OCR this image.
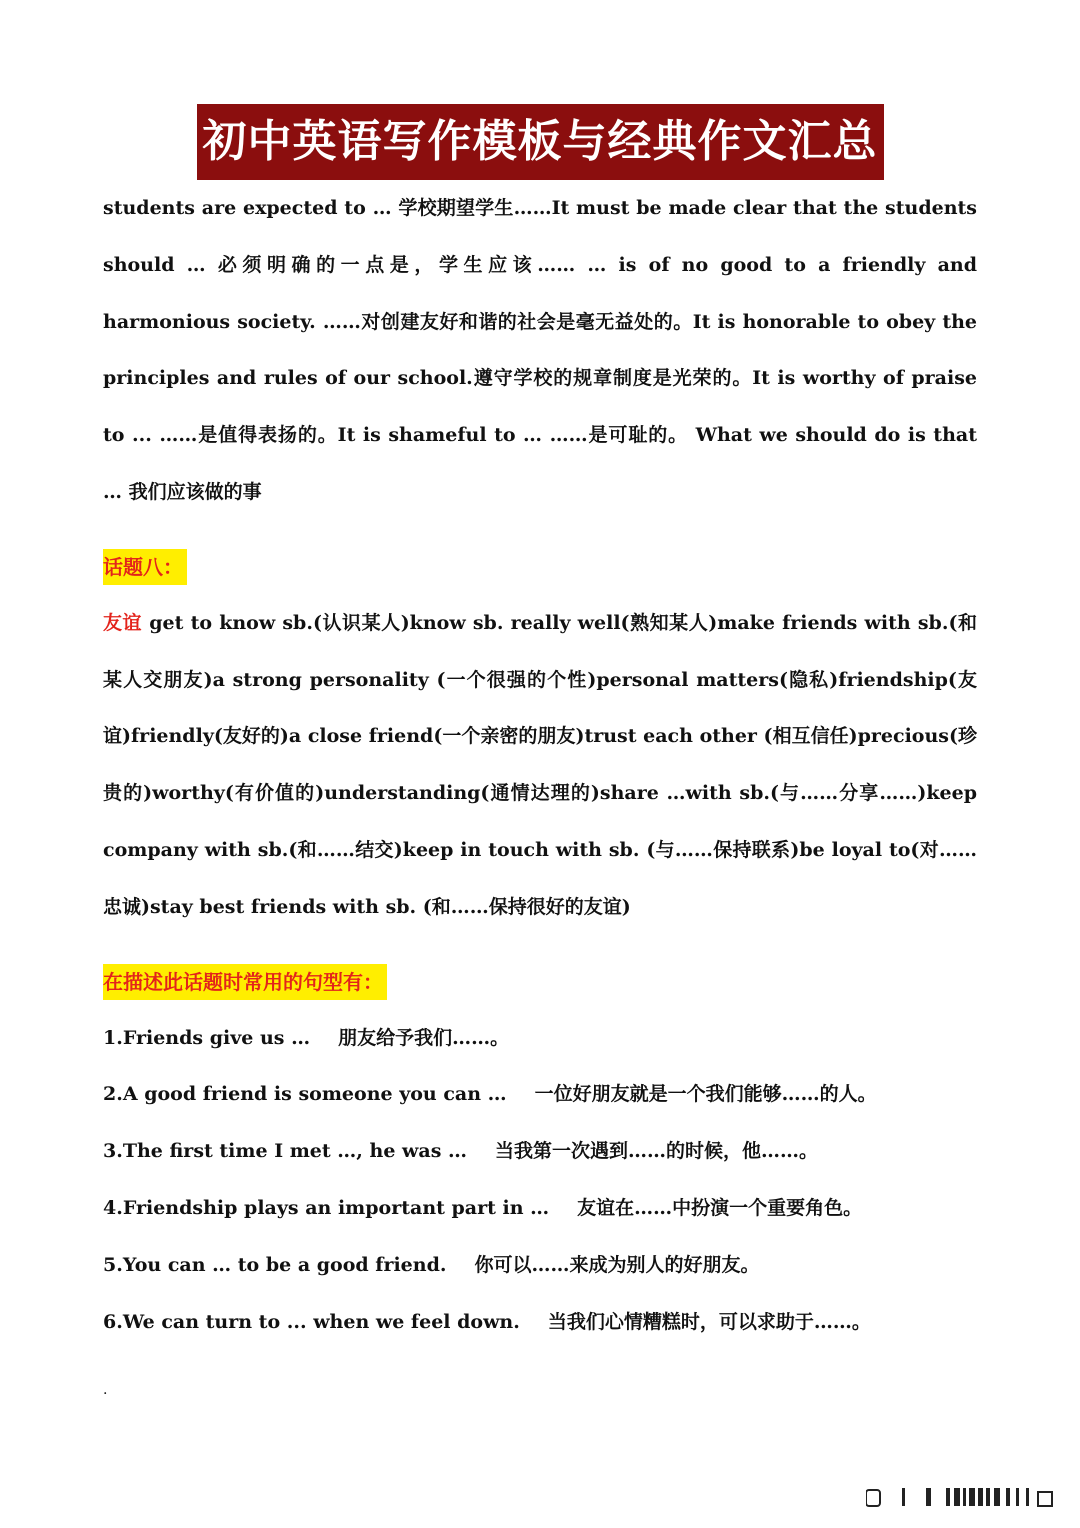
初中英语写作模板与经典作文汇总

students are expected to … 学校期望学生……It must be made clear that the students should … 必须明确的一点是，学生应该…… … is of no good to a friendly and harmonious society. ……对创建友好和谐的社会是毫无益处的。It is honorable to obey the principles and rules of our school.遵守学校的规章制度是光荣的。It is worthy of praise to ... ……是值得表扬的。It is shameful to … ……是可耻的。 What we should do is that … 我们应该做的事

话题八：

友谊 get to know sb.(认识某人)know sb. really well(熟知某人)make friends with sb.(和某人交朋友)a strong personality (一个很强的个性)personal matters(隐私)friendship(友谊)friendly(友好的)a close friend(一个亲密的朋友)trust each other (相互信任)precious(珍贵的)worthy(有价值的)understanding(通情达理的)share …with sb.(与……分享……)keep company with sb.(和……结交)keep in touch with sb. (与……保持联系)be loyal to(对……忠诚)stay best friends with sb. (和……保持很好的友谊)

在描述此话题时常用的句型有：

1.Friends give us … 朋友给予我们……。

2.A good friend is someone you can … 一位好朋友就是一个我们能够……的人。

3.The first time I met …, he was … 当我第一次遇到……的时候，他……。

4.Friendship plays an important part in … 友谊在……中扮演一个重要角色。

5.You can … to be a good friend. 你可以……来成为别人的好朋友。

6.We can turn to ... when we feel down. 当我们心情糟糕时，可以求助于……。

.
